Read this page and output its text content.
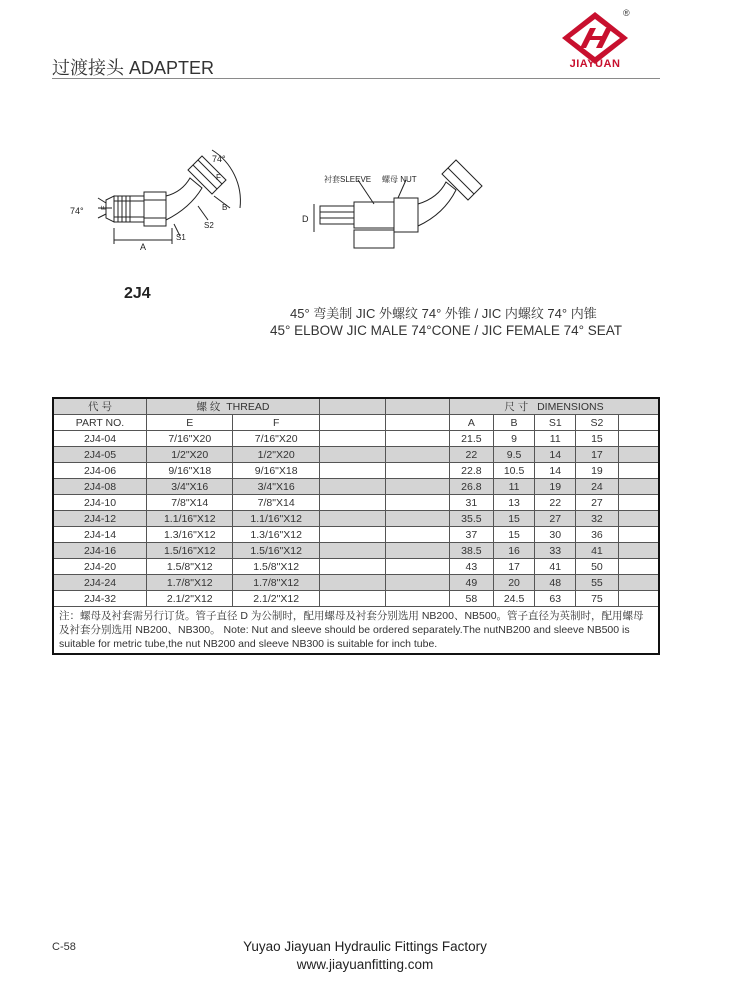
过渡接头 ADAPTER
®
JIAYUAN
74°
74° E
F
B
A
S1
S2
衬套SLEEVE 螺母 NUT
D
2J4
45° 弯美制 JIC 外螺纹 74° 外锥 / JIC 内螺纹 74° 内锥
45° ELBOW JIC MALE 74°CONE / JIC FEMALE 74° SEAT
代 号	螺 纹 THREAD				尺 寸 DIMENSIONS				
PART NO.	E	F			A	B	S1	S2	
2J4-04	7/16"X20	7/16"X20			21.5	9	11	15	
2J4-05	1/2"X20	1/2"X20			22	9.5	14	17	
2J4-06	9/16"X18	9/16"X18			22.8	10.5	14	19	
2J4-08	3/4"X16	3/4"X16			26.8	11	19	24	
2J4-10	7/8"X14	7/8"X14			31	13	22	27	
2J4-12	1.1/16"X12	1.1/16"X12			35.5	15	27	32	
2J4-14	1.3/16"X12	1.3/16"X12			37	15	30	36	
2J4-16	1.5/16"X12	1.5/16"X12			38.5	16	33	41	
2J4-20	1.5/8"X12	1.5/8"X12			43	17	41	50	
2J4-24	1.7/8"X12	1.7/8"X12			49	20	48	55	
2J4-32	2.1/2"X12	2.1/2"X12			58	24.5	63	75	
注：螺母及衬套需另行订货。管子直径 D 为公制时，配用螺母及衬套分别选用 NB200、NB500。管子直径为英制时，配用螺母及衬套分别选用 NB200、NB300。 Note: Nut and sleeve should be ordered separately.The nutNB200 and sleeve NB500 is suitable for metric tube,the nut NB200 and sleeve NB300 is suitable for inch tube.									
C-58	Yuyao Jiayuan Hydraulic Fittings Factory
www.jiayuanfitting.com
